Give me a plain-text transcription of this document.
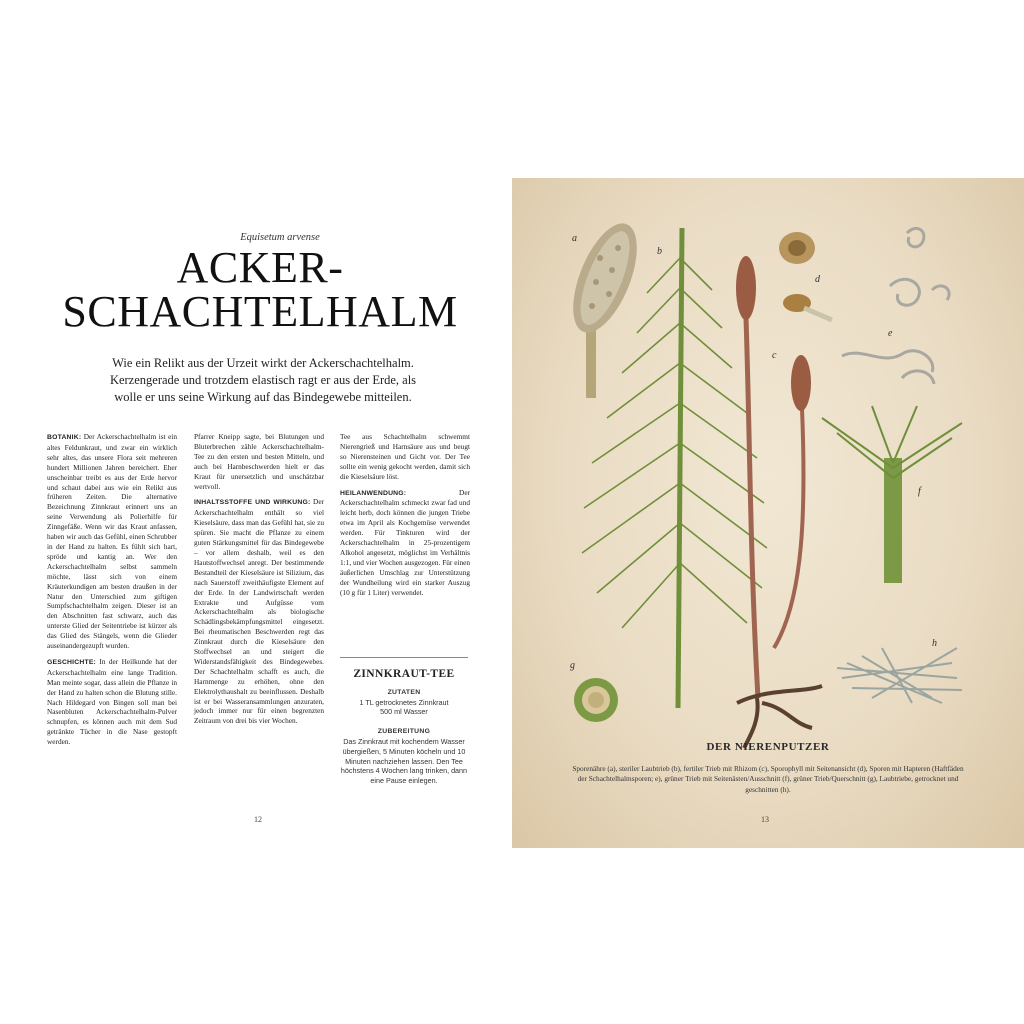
Equisetum arvense
ACKER-
SCHACHTELHALM
Wie ein Relikt aus der Urzeit wirkt der Ackerschachtelhalm. Kerzengerade und trotzdem elastisch ragt er aus der Erde, als wolle er uns seine Wirkung auf das Bindegewebe mitteilen.

BOTANIK: Der Ackerschachtelhalm ist ein altes Feldunkraut, und zwar ein wirklich sehr altes, das unsere Flora seit mehreren hundert Millionen Jahren bereichert. Eher unscheinbar treibt es aus der Erde hervor und schaut dabei aus wie ein Relikt aus früheren Zeiten. Die alternative Bezeichnung Zinnkraut erinnert uns an seine Verwendung als Polierhilfe für Zinngefäße. Wenn wir das Kraut anfassen, haben wir auch das Gefühl, einen Schrubber in der Hand zu halten. Es fühlt sich hart, spröde und kantig an. Wer den Ackerschachtelhalm selbst sammeln möchte, lässt sich von einem Kräuterkundigen am besten draußen in der Natur den Unterschied zum giftigen Sumpfschachtelhalm zeigen. Dieser ist an den Abschnitten fast schwarz, auch das unterste Glied der Seitentriebe ist kürzer als das Glied des Stängels, wenn die Glieder auseinandergezupft wurden.

GESCHICHTE: In der Heilkunde hat der Ackerschachtelhalm eine lange Tradition. Man meinte sogar, dass allein die Pflanze in der Hand zu halten schon die Blutung stille. Nach Hildegard von Bingen soll man bei Nasenbluten Ackerschachtelhalm-Pulver schnupfen, es können auch mit dem Sud getränkte Tücher in die Nase gestopft werden.

Pfarrer Kneipp sagte, bei Blutungen und Bluterbrechen zähle Ackerschachtelhalm-Tee zu den ersten und besten Mitteln, und auch bei Harnbeschwerden hielt er das Kraut für unersetzlich und unschätzbar wertvoll.

INHALTSSTOFFE UND WIRKUNG: Der Ackerschachtelhalm enthält so viel Kieselsäure, dass man das Gefühl hat, sie zu spüren. Sie macht die Pflanze zu einem guten Stärkungsmittel für das Bindegewebe – vor allem deshalb, weil es den Hautstoffwechsel anregt. Der bestimmende Bestandteil der Kieselsäure ist Silizium, das nach Sauerstoff zweithäufigste Element auf der Erde. In der Landwirtschaft werden Extrakte und Aufgüsse vom Ackerschachtelhalm als biologische Schädlingsbekämpfungsmittel eingesetzt. Bei rheumatischen Beschwerden regt das Zinnkraut durch die Kieselsäure den Stoffwechsel an und steigert die Widerstandsfähigkeit des Bindegewebes. Der Schachtelhalm schafft es auch, die Harnmenge zu erhöhen, ohne den Elektrolythaushalt zu beeinflussen. Deshalb ist er bei Wasseransammlungen anzuraten, jedoch immer nur für einen begrenzten Zeitraum von drei bis vier Wochen.

Tee aus Schachtelhalm schwemmt Nierengrieß und Harnsäure aus und beugt so Nierensteinen und Gicht vor. Der Tee sollte ein wenig gekocht werden, damit sich die Kieselsäure löst.

HEILANWENDUNG:	Der Ackerschachtelhalm schmeckt zwar fad und leicht herb, doch können die jungen Triebe etwa im April als Kochgemüse verwendet werden. Für Tinkturen wird der Ackerschachtelhalm in 25-prozentigem Alkohol angesetzt, möglichst im Verhältnis 1:1, und vier Wochen ausgezogen. Für einen äußerlichen Umschlag zur Unterstützung der Wundheilung wird ein starker Auszug (10 g für 1 Liter) verwendet.

ZINNKRAUT-TEE
ZUTATEN
1 TL getrocknetes Zinnkraut
500 ml Wasser
ZUBEREITUNG
Das Zinnkraut mit kochendem Wasser übergießen, 5 Minuten köcheln und 10 Minuten nachziehen lassen. Den Tee höchstens 4 Wochen lang trinken, dann eine Pause einlegen.
12
a
b
c
d
e
f
g
h
DER NIERENPUTZER
Sporenähre (a), steriler Laubtrieb (b), fertiler Trieb mit Rhizom (c), Sporophyll mit Seitenansicht (d), Sporen mit Hapteren (Haftfäden der Schachtelhalmsporen; e), grüner Trieb mit Seitenästen/Ausschnitt (f), grüner Trieb/Querschnitt (g), Laubtriebe, getrocknet und geschnitten (h).
13
